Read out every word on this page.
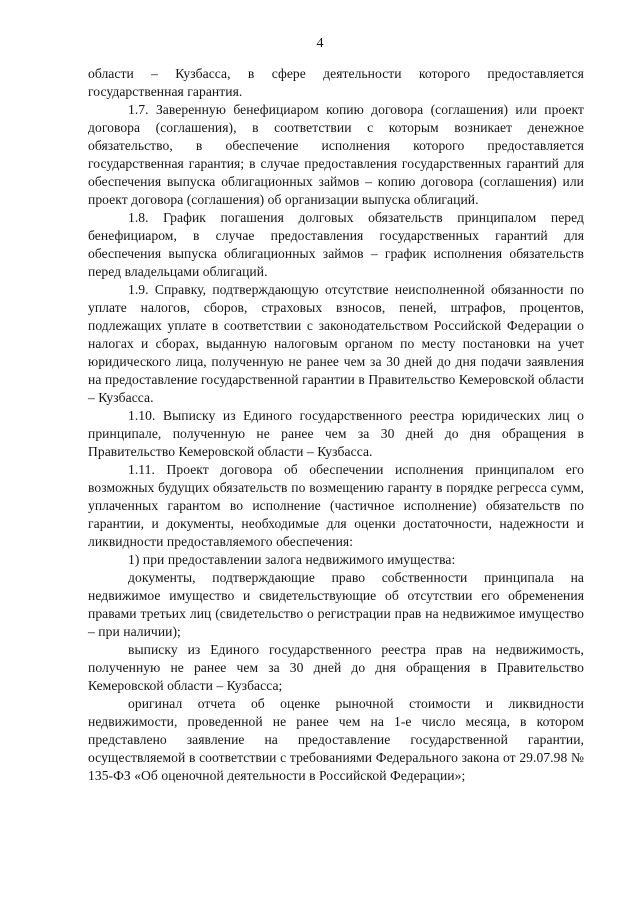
4

области – Кузбасса, в сфере деятельности которого предоставляется государственная гарантия.

1.7. Заверенную бенефициаром копию договора (соглашения) или проект договора (соглашения), в соответствии с которым возникает денежное обязательство, в обеспечение исполнения которого предоставляется государственная гарантия; в случае предоставления государственных гарантий для обеспечения выпуска облигационных займов – копию договора (соглашения) или проект договора (соглашения) об организации выпуска облигаций.

1.8. График погашения долговых обязательств принципалом перед бенефициаром, в случае предоставления государственных гарантий для обеспечения выпуска облигационных займов – график исполнения обязательств перед владельцами облигаций.

1.9. Справку, подтверждающую отсутствие неисполненной обязанности по уплате налогов, сборов, страховых взносов, пеней, штрафов, процентов, подлежащих уплате в соответствии с законодательством Российской Федерации о налогах и сборах, выданную налоговым органом по месту постановки на учет юридического лица, полученную не ранее чем за 30 дней до дня подачи заявления на предоставление государственной гарантии в Правительство Кемеровской области – Кузбасса.

1.10. Выписку из Единого государственного реестра юридических лиц о принципале, полученную не ранее чем за 30 дней до дня обращения в Правительство Кемеровской области – Кузбасса.

1.11. Проект договора об обеспечении исполнения принципалом его возможных будущих обязательств по возмещению гаранту в порядке регресса сумм, уплаченных гарантом во исполнение (частичное исполнение) обязательств по гарантии, и документы, необходимые для оценки достаточности, надежности и ликвидности предоставляемого обеспечения:

1) при предоставлении залога недвижимого имущества:

документы, подтверждающие право собственности принципала на недвижимое имущество и свидетельствующие об отсутствии его обременения правами третьих лиц (свидетельство о регистрации прав на недвижимое имущество – при наличии);

выписку из Единого государственного реестра прав на недвижимость, полученную не ранее чем за 30 дней до дня обращения в Правительство Кемеровской области – Кузбасса;

оригинал отчета об оценке рыночной стоимости и ликвидности недвижимости, проведенной не ранее чем на 1-е число месяца, в котором представлено заявление на предоставление государственной гарантии, осуществляемой в соответствии с требованиями Федерального закона от 29.07.98 № 135-ФЗ «Об оценочной деятельности в Российской Федерации»;
